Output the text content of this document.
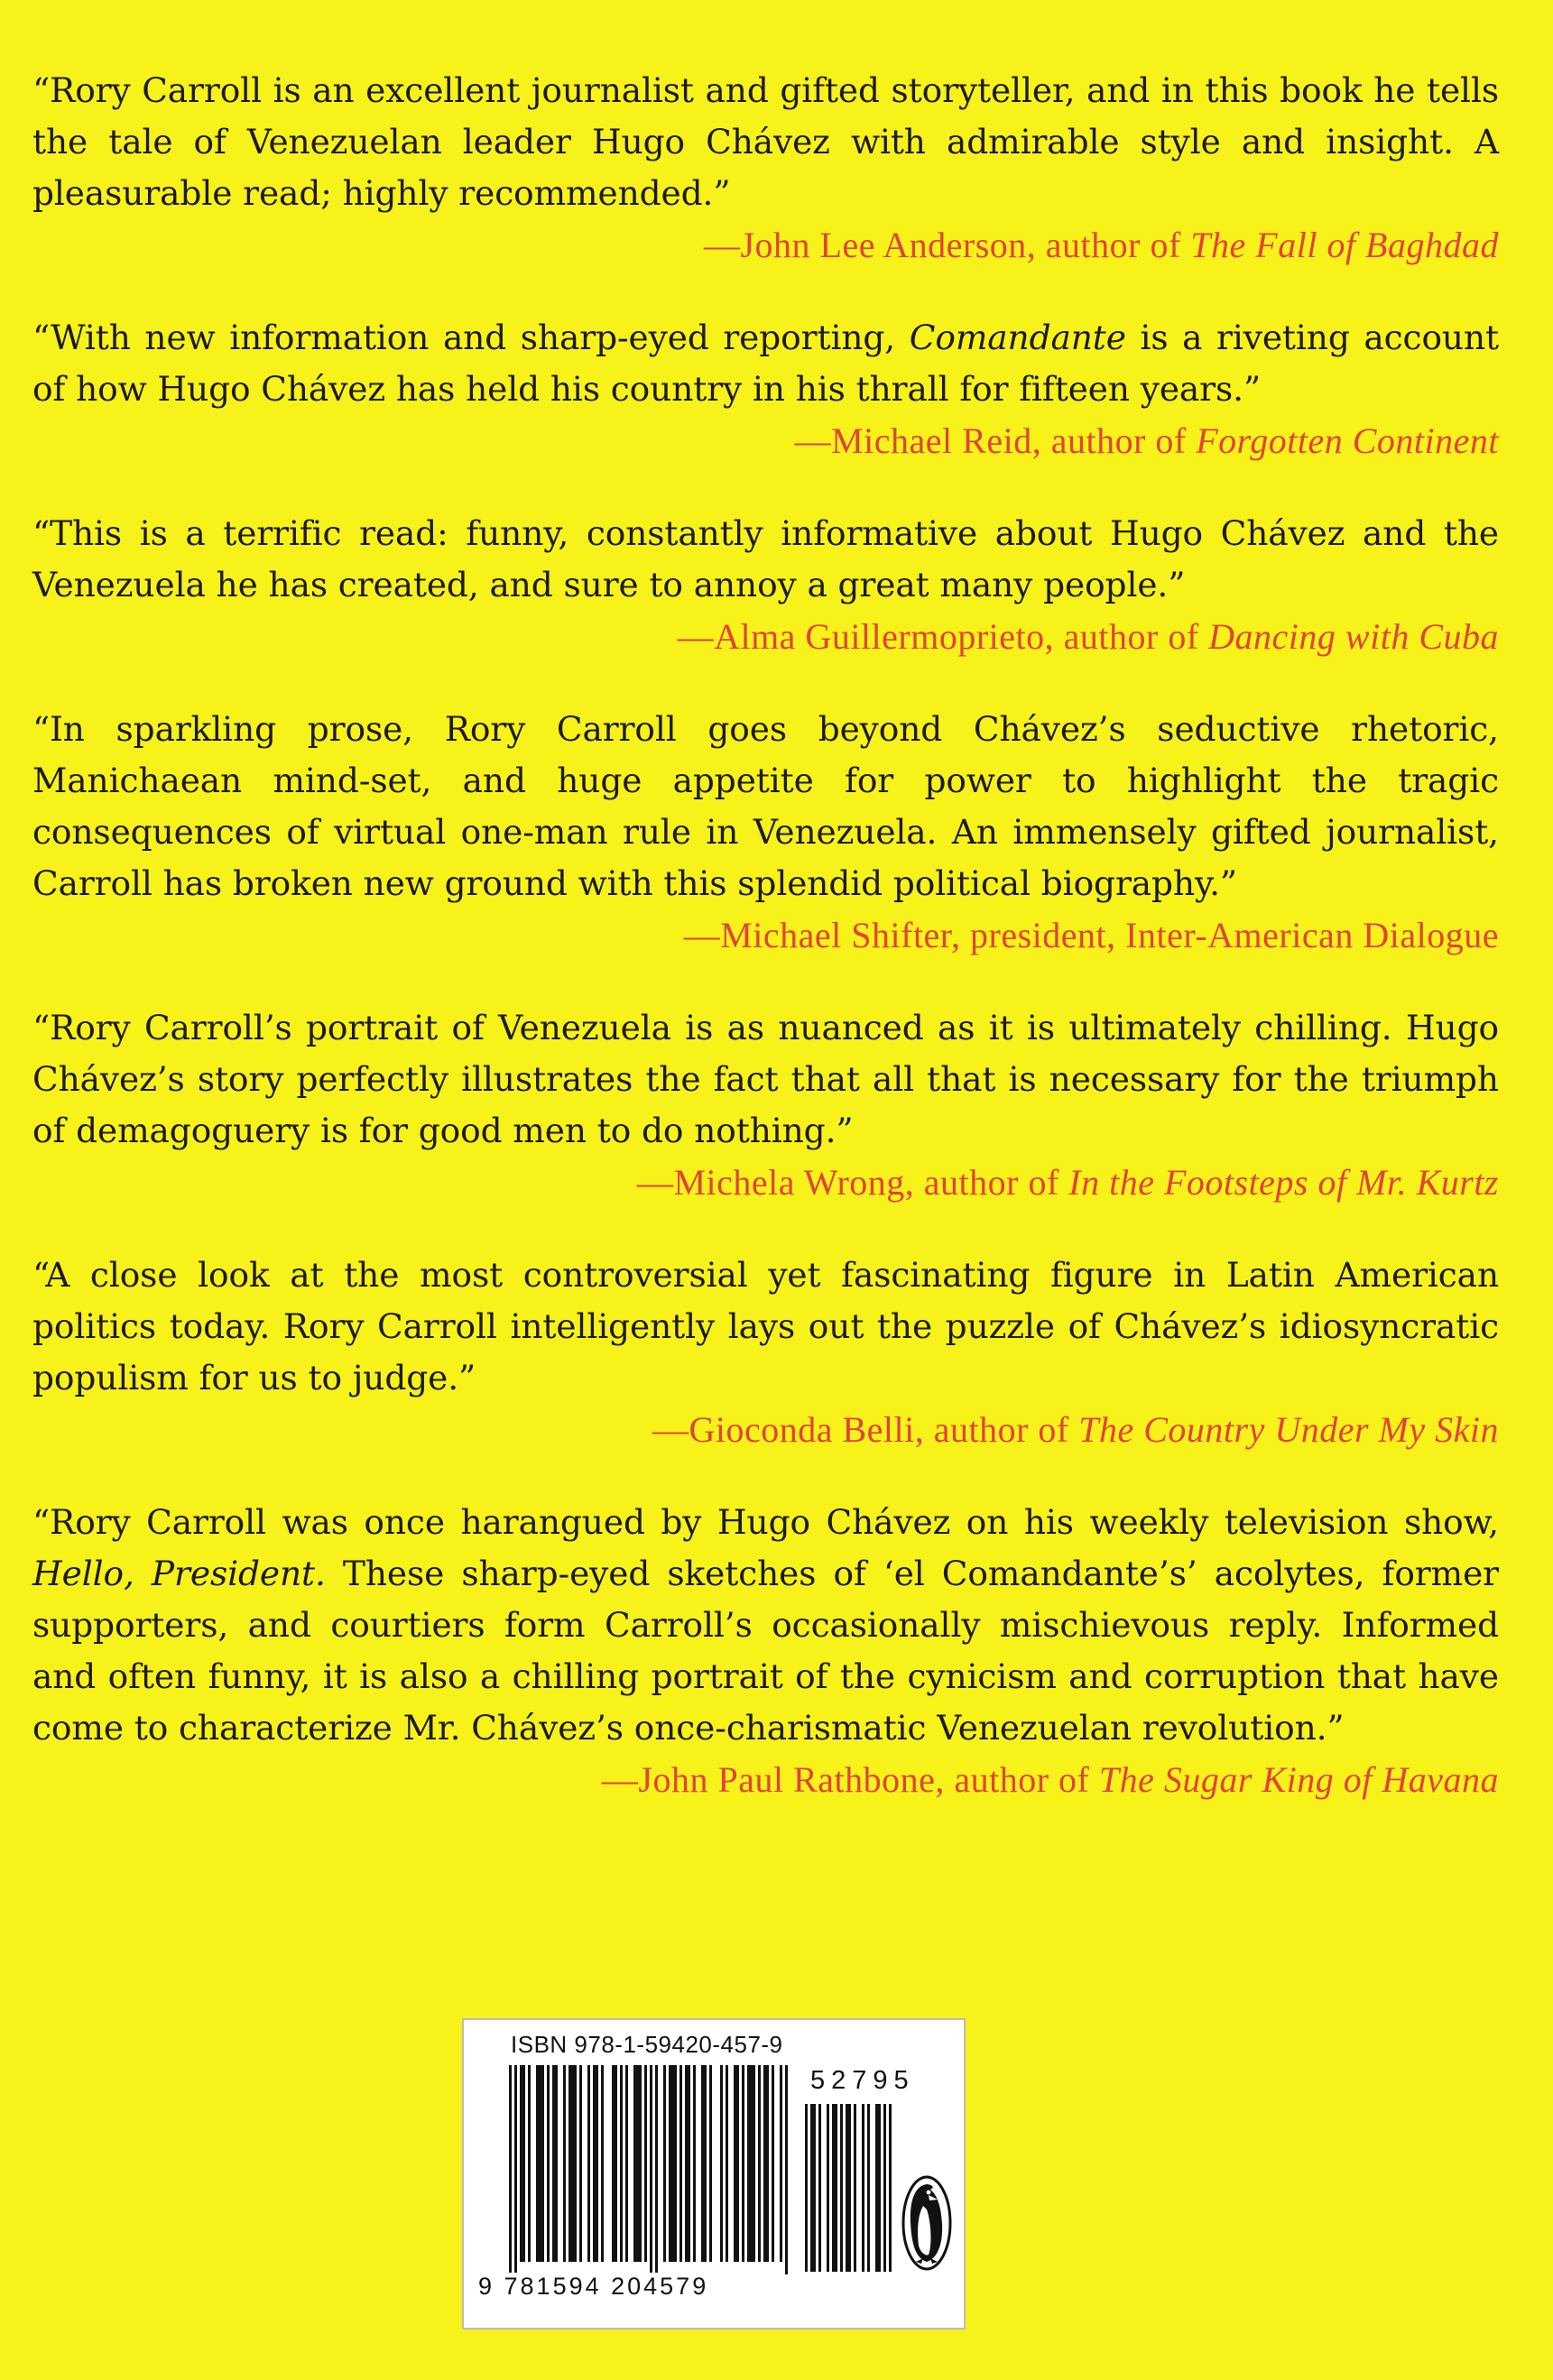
“Rory Carroll is an excellent journalist and gifted storyteller, and in this book he tells the tale of Venezuelan leader Hugo Chávez with admirable style and insight. A pleasurable read; highly recommended.”

—John Lee Anderson, author of The Fall of Baghdad

“With new information and sharp-eyed reporting, Comandante is a riveting account of how Hugo Chávez has held his country in his thrall for fifteen years.”

—Michael Reid, author of Forgotten Continent

“This is a terrific read: funny, constantly informative about Hugo Chávez and the Venezuela he has created, and sure to annoy a great many people.”

—Alma Guillermoprieto, author of Dancing with Cuba

“In sparkling prose, Rory Carroll goes beyond Chávez’s seductive rhetoric, Manichaean mind-set, and huge appetite for power to highlight the tragic consequences of virtual one-man rule in Venezuela. An immensely gifted journalist, Carroll has broken new ground with this splendid political biography.”

—Michael Shifter, president, Inter-American Dialogue

“Rory Carroll’s portrait of Venezuela is as nuanced as it is ultimately chilling. Hugo Chávez’s story perfectly illustrates the fact that all that is necessary for the triumph of demagoguery is for good men to do nothing.”

—Michela Wrong, author of In the Footsteps of Mr. Kurtz

“A close look at the most controversial yet fascinating figure in Latin American politics today. Rory Carroll intelligently lays out the puzzle of Chávez’s idiosyncratic populism for us to judge.”

—Gioconda Belli, author of The Country Under My Skin

“Rory Carroll was once harangued by Hugo Chávez on his weekly television show, Hello, President. These sharp-eyed sketches of ‘el Comandante’s’ acolytes, former supporters, and courtiers form Carroll’s occasionally mischievous reply. Informed and often funny, it is also a chilling portrait of the cynicism and corruption that have come to characterize Mr. Chávez’s once-charismatic Venezuelan revolution.”

—John Paul Rathbone, author of The Sugar King of Havana

ISBN 978-1-59420-457-9
52795
9 781594 204579
